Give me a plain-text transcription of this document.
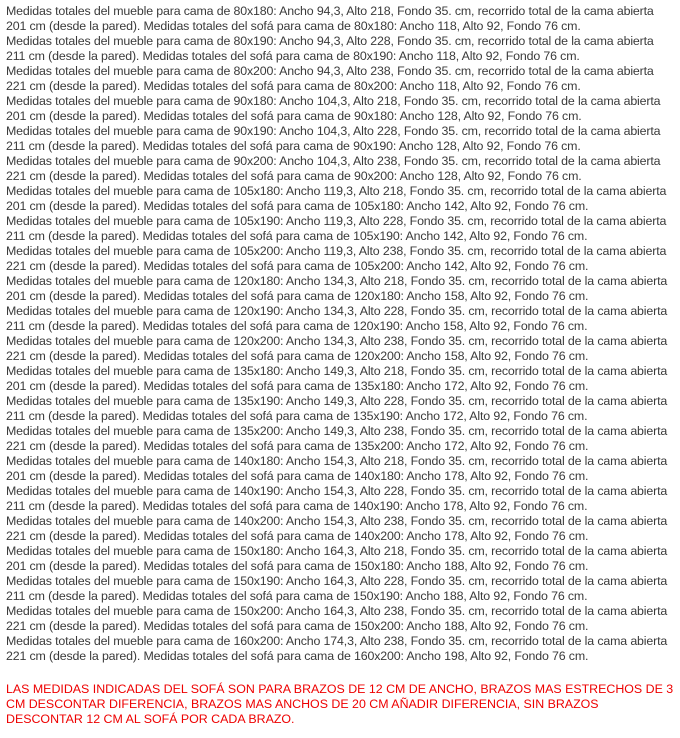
Medidas totales del mueble para cama de 80x180: Ancho 94,3, Alto 218, Fondo 35. cm, recorrido total de la cama abierta 201 cm (desde la pared). Medidas totales del sofá para cama de 80x180: Ancho 118, Alto 92, Fondo 76 cm.
Medidas totales del mueble para cama de 80x190: Ancho 94,3, Alto 228, Fondo 35. cm, recorrido total de la cama abierta 211 cm (desde la pared). Medidas totales del sofá para cama de 80x190: Ancho 118, Alto 92, Fondo 76 cm.
Medidas totales del mueble para cama de 80x200: Ancho 94,3, Alto 238, Fondo 35. cm, recorrido total de la cama abierta 221 cm (desde la pared). Medidas totales del sofá para cama de 80x200: Ancho 118, Alto 92, Fondo 76 cm.
Medidas totales del mueble para cama de 90x180: Ancho 104,3, Alto 218, Fondo 35. cm, recorrido total de la cama abierta 201 cm (desde la pared). Medidas totales del sofá para cama de 90x180: Ancho 128, Alto 92, Fondo 76 cm.
Medidas totales del mueble para cama de 90x190: Ancho 104,3, Alto 228, Fondo 35. cm, recorrido total de la cama abierta 211 cm (desde la pared). Medidas totales del sofá para cama de 90x190: Ancho 128, Alto 92, Fondo 76 cm.
Medidas totales del mueble para cama de 90x200: Ancho 104,3, Alto 238, Fondo 35. cm, recorrido total de la cama abierta 221 cm (desde la pared). Medidas totales del sofá para cama de 90x200: Ancho 128, Alto 92, Fondo 76 cm.
Medidas totales del mueble para cama de 105x180: Ancho 119,3, Alto 218, Fondo 35. cm, recorrido total de la cama abierta 201 cm (desde la pared). Medidas totales del sofá para cama de 105x180: Ancho 142, Alto 92, Fondo 76 cm.
Medidas totales del mueble para cama de 105x190: Ancho 119,3, Alto 228, Fondo 35. cm, recorrido total de la cama abierta 211 cm (desde la pared). Medidas totales del sofá para cama de 105x190: Ancho 142, Alto 92, Fondo 76 cm.
Medidas totales del mueble para cama de 105x200: Ancho 119,3, Alto 238, Fondo 35. cm, recorrido total de la cama abierta 221 cm (desde la pared). Medidas totales del sofá para cama de 105x200: Ancho 142, Alto 92, Fondo 76 cm.
Medidas totales del mueble para cama de 120x180: Ancho 134,3, Alto 218, Fondo 35. cm, recorrido total de la cama abierta 201 cm (desde la pared). Medidas totales del sofá para cama de 120x180: Ancho 158, Alto 92, Fondo 76 cm.
Medidas totales del mueble para cama de 120x190: Ancho 134,3, Alto 228, Fondo 35. cm, recorrido total de la cama abierta 211 cm (desde la pared). Medidas totales del sofá para cama de 120x190: Ancho 158, Alto 92, Fondo 76 cm.
Medidas totales del mueble para cama de 120x200: Ancho 134,3, Alto 238, Fondo 35. cm, recorrido total de la cama abierta 221 cm (desde la pared). Medidas totales del sofá para cama de 120x200: Ancho 158, Alto 92, Fondo 76 cm.
Medidas totales del mueble para cama de 135x180: Ancho 149,3, Alto 218, Fondo 35. cm, recorrido total de la cama abierta 201 cm (desde la pared). Medidas totales del sofá para cama de 135x180: Ancho 172, Alto 92, Fondo 76 cm.
Medidas totales del mueble para cama de 135x190: Ancho 149,3, Alto 228, Fondo 35. cm, recorrido total de la cama abierta 211 cm (desde la pared). Medidas totales del sofá para cama de 135x190: Ancho 172, Alto 92, Fondo 76 cm.
Medidas totales del mueble para cama de 135x200: Ancho 149,3, Alto 238, Fondo 35. cm, recorrido total de la cama abierta 221 cm (desde la pared). Medidas totales del sofá para cama de 135x200: Ancho 172, Alto 92, Fondo 76 cm.
Medidas totales del mueble para cama de 140x180: Ancho 154,3, Alto 218, Fondo 35. cm, recorrido total de la cama abierta 201 cm (desde la pared). Medidas totales del sofá para cama de 140x180: Ancho 178, Alto 92, Fondo 76 cm.
Medidas totales del mueble para cama de 140x190: Ancho 154,3, Alto 228, Fondo 35. cm, recorrido total de la cama abierta 211 cm (desde la pared). Medidas totales del sofá para cama de 140x190: Ancho 178, Alto 92, Fondo 76 cm.
Medidas totales del mueble para cama de 140x200: Ancho 154,3, Alto 238, Fondo 35. cm, recorrido total de la cama abierta 221 cm (desde la pared). Medidas totales del sofá para cama de 140x200: Ancho 178, Alto 92, Fondo 76 cm.
Medidas totales del mueble para cama de 150x180: Ancho 164,3, Alto 218, Fondo 35. cm, recorrido total de la cama abierta 201 cm (desde la pared). Medidas totales del sofá para cama de 150x180: Ancho 188, Alto 92, Fondo 76 cm.
Medidas totales del mueble para cama de 150x190: Ancho 164,3, Alto 228, Fondo 35. cm, recorrido total de la cama abierta 211 cm (desde la pared). Medidas totales del sofá para cama de 150x190: Ancho 188, Alto 92, Fondo 76 cm.
Medidas totales del mueble para cama de 150x200: Ancho 164,3, Alto 238, Fondo 35. cm, recorrido total de la cama abierta 221 cm (desde la pared). Medidas totales del sofá para cama de 150x200: Ancho 188, Alto 92, Fondo 76 cm.
Medidas totales del mueble para cama de 160x200: Ancho 174,3, Alto 238, Fondo 35. cm, recorrido total de la cama abierta 221 cm (desde la pared). Medidas totales del sofá para cama de 160x200: Ancho 198, Alto 92, Fondo 76 cm.

LAS MEDIDAS INDICADAS DEL SOFÁ SON PARA BRAZOS DE 12 CM DE ANCHO, BRAZOS MAS ESTRECHOS DE 3 CM DESCONTAR DIFERENCIA, BRAZOS MAS ANCHOS DE 20 CM AÑADIR DIFERENCIA, SIN BRAZOS DESCONTAR 12 CM AL SOFÁ POR CADA BRAZO.
